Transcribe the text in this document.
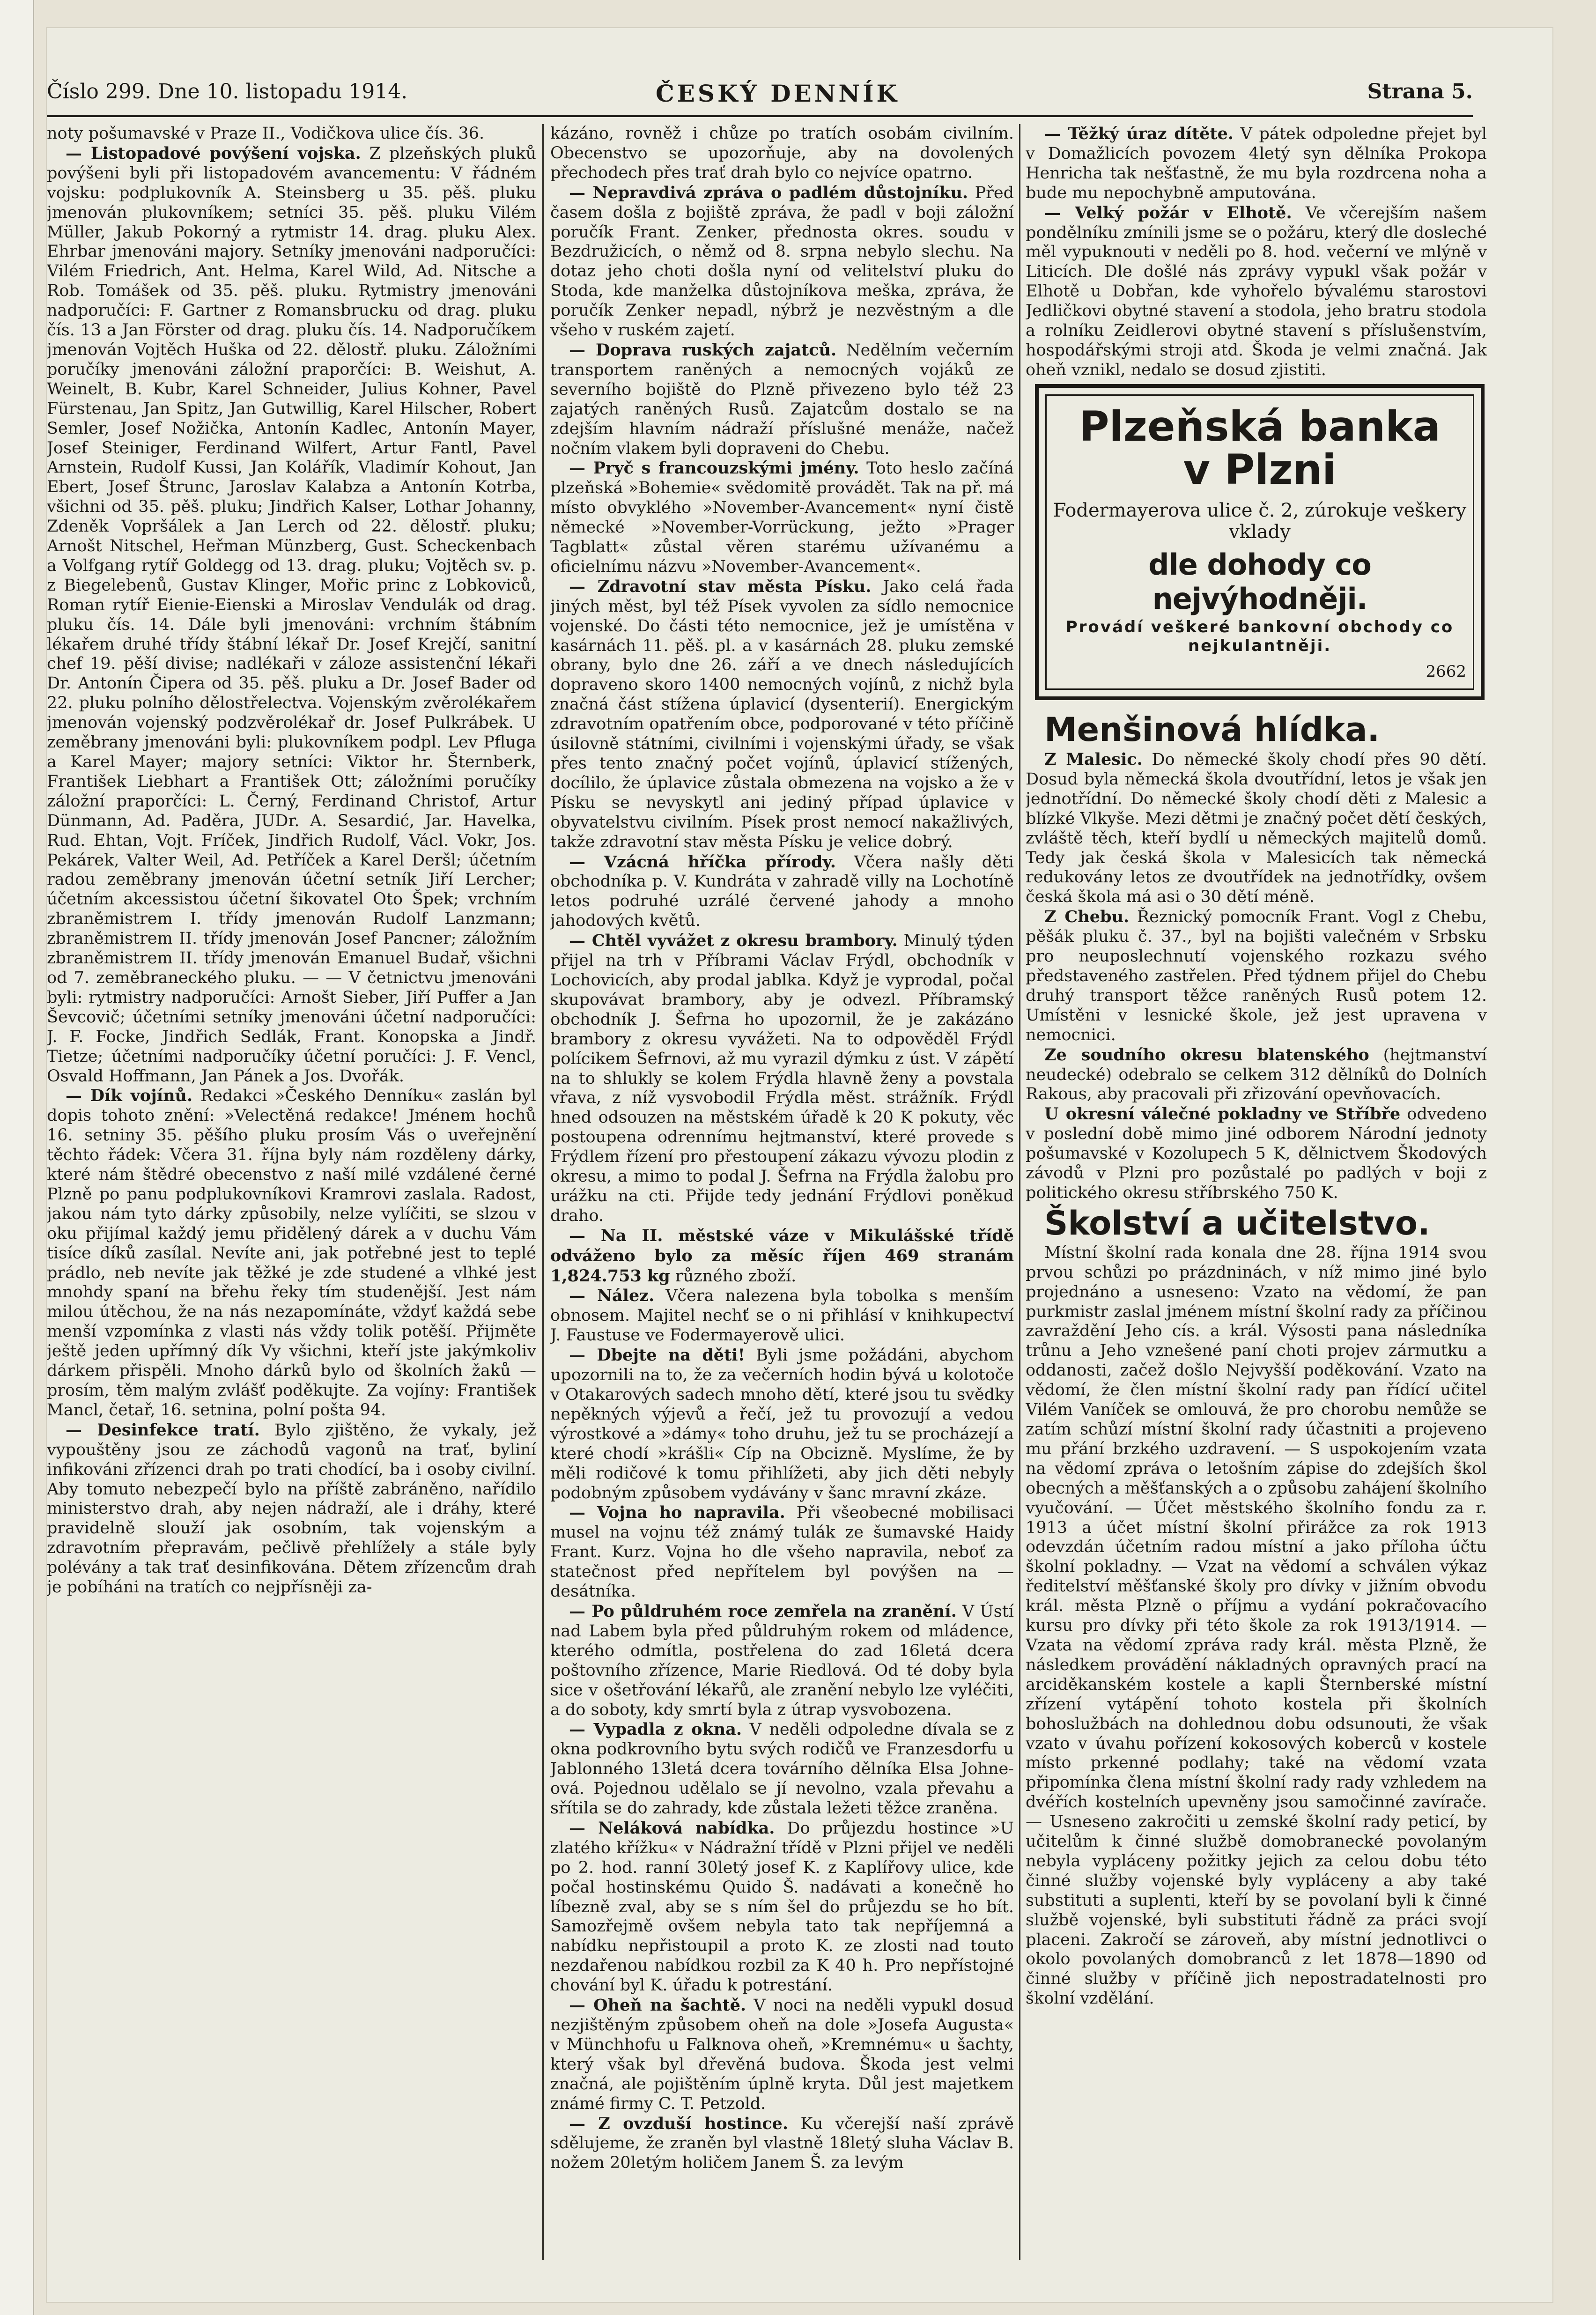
Číslo 299. Dne 10. listopadu 1914.	ČESKÝ DENNÍK	Strana 5.

noty pošumavské v Praze II., Vodičkova ulice čís. 36.

— Listopadové povýšení vojska. Z plzeňských pluků povýšeni byli při listopadovém avancementu: V řádném vojsku: podplukovník A. Steinsberg u 35. pěš. pluku jmenován plukovníkem; setníci 35. pěš. pluku Vilém Müller, Jakub Pokorný a rytmistr 14. drag. pluku Alex. Ehrbar jmenováni majory. Setníky jmenováni nadporučíci: Vilém Friedrich, Ant. Helma, Karel Wild, Ad. Nitsche a Rob. Tomášek od 35. pěš. pluku. Rytmistry jmenováni nadporučíci: F. Gartner z Romansbrucku od drag. pluku čís. 13 a Jan Förster od drag. pluku čís. 14. Nadporučíkem jmenován Vojtěch Huška od 22. dělostř. pluku. Záložními poručíky jmenováni záložní praporčíci: B. Weishut, A. Weinelt, B. Kubr, Karel Schneider, Julius Kohner, Pavel Fürstenau, Jan Spitz, Jan Gutwillig, Karel Hilscher, Robert Semler, Josef Nožička, Antonín Kadlec, Antonín Mayer, Josef Steiniger, Ferdinand Wilfert, Artur Fantl, Pavel Arnstein, Rudolf Kussi, Jan Kolářík, Vladimír Kohout, Jan Ebert, Josef Štrunc, Jaroslav Kalabza a Antonín Kotrba, všichni od 35. pěš. pluku; Jindřich Kalser, Lothar Johanny, Zdeněk Vopršálek a Jan Lerch od 22. dělostř. pluku; Arnošt Nitschel, Heřman Münzberg, Gust. Scheckenbach a Volfgang rytíř Goldegg od 13. drag. pluku; Vojtěch sv. p. z Biegelebenů, Gustav Klinger, Mořic princ z Lobkoviců, Roman rytíř Eienie-Eienski a Miroslav Vendulák od drag. pluku čís. 14. Dále byli jmenováni: vrchním štábním lékařem druhé třídy štábní lékař Dr. Josef Krejčí, sanitní chef 19. pěší divise; nadlékaři v záloze assistenční lékaři Dr. Antonín Čipera od 35. pěš. pluku a Dr. Josef Bader od 22. pluku polního dělostřelectva. Vojenským zvěrolékařem jmenován vojenský podzvěrolékař dr. Josef Pulkrábek. U zeměbrany jmenováni byli: plukovníkem podpl. Lev Pfluga a Karel Mayer; majory setníci: Viktor hr. Šternberk, František Liebhart a František Ott; záložními poručíky záložní praporčíci: L. Černý, Ferdinand Christof, Artur Dünmann, Ad. Paděra, JUDr. A. Sesardić, Jar. Havelka, Rud. Ehtan, Vojt. Fríček, Jindřich Rudolf, Václ. Vokr, Jos. Pekárek, Valter Weil, Ad. Petříček a Karel Deršl; účetním radou zeměbrany jmenován účetní setník Jiří Lercher; účetním akcessistou účetní šikovatel Oto Špek; vrchním zbraněmistrem I. třídy jmenován Rudolf Lanzmann; zbraněmistrem II. třídy jmenován Josef Pancner; záložním zbraněmistrem II. třídy jmenován Emanuel Budař, všichni od 7. zeměbraneckého pluku. — — V četnictvu jmenováni byli: rytmistry nadporučíci: Arnošt Sieber, Jiří Puffer a Jan Ševcovič; účetními setníky jmenováni účetní nadporučíci: J. F. Focke, Jindřich Sedlák, Frant. Konopska a Jindř. Tietze; účetními nadporučíky účetní poručíci: J. F. Vencl, Osvald Hoffmann, Jan Pánek a Jos. Dvořák.

— Dík vojínů. Redakci »Českého Denníku« zaslán byl dopis tohoto znění: »Velectěná redakce! Jménem hochů 16. setniny 35. pěšího pluku prosím Vás o uveřejnění těchto řádek: Včera 31. října byly nám rozděleny dárky, které nám štědré obecenstvo z naší milé vzdálené černé Plzně po panu podplukovníkovi Kramrovi zaslala. Radost, jakou nám tyto dárky způsobily, nelze vylíčiti, se slzou v oku přijímal každý jemu přidělený dárek a v duchu Vám tisíce díků zasílal. Nevíte ani, jak potřebné jest to teplé prádlo, neb nevíte jak těžké je zde studené a vlhké jest mnohdy spaní na břehu řeky tím studenější. Jest nám milou útěchou, že na nás nezapomínáte, vždyť každá sebe menší vzpomínka z vlasti nás vždy tolik potěší. Přijměte ještě jeden upřímný dík Vy všichni, kteří jste jakýmkoliv dárkem přispěli. Mnoho dárků bylo od školních žaků — prosím, těm malým zvlášť poděkujte. Za vojíny: František Mancl, četař, 16. setnina, polní pošta 94.

— Desinfekce tratí. Bylo zjištěno, že vykaly, jež vypouštěny jsou ze záchodů vagonů na trať, byliní infikováni zřízenci drah po trati chodící, ba i osoby civilní. Aby tomuto nebezpečí bylo na příště zabráněno, nařídilo ministerstvo drah, aby nejen nádraží, ale i dráhy, které pravidelně slouží jak osobním, tak vojenským a zdravotním přepravám, pečlivě přehlížely a stále byly polévány a tak trať desinfikována. Dětem zřízencům drah je pobíháni na tratích co nejpřísněji za-

kázáno, rovněž i chůze po tratích osobám civilním. Obecenstvo se upozorňuje, aby na dovolených přechodech přes trať drah bylo co nejvíce opatrno.

— Nepravdivá zpráva o padlém důstojníku. Před časem došla z bojiště zpráva, že padl v boji záložní poručík Frant. Zenker, přednosta okres. soudu v Bezdružicích, o němž od 8. srpna nebylo slechu. Na dotaz jeho choti došla nyní od velitelství pluku do Stoda, kde manželka důstojníkova meška, zpráva, že poručík Zenker nepadl, nýbrž je nezvěstným a dle všeho v ruském zajetí.

— Doprava ruských zajatců. Nedělním večerním transportem raněných a nemocných vojáků ze severního bojiště do Plzně přivezeno bylo též 23 zajatých raněných Rusů. Zajatcům dostalo se na zdejším hlavním nádraží příslušné menáže, načež nočním vlakem byli dopraveni do Chebu.

— Pryč s francouzskými jmény. Toto heslo začíná plzeňská »Bohemie« svědomitě provádět. Tak na př. má místo obvyklého »November-Avancement« nyní čistě německé »November-Vorrückung, ježto »Prager Tagblatt« zůstal věren starému užívanému a oficielnímu názvu »November-Avancement«.

— Zdravotní stav města Písku. Jako celá řada jiných měst, byl též Písek vyvolen za sídlo nemocnice vojenské. Do části této nemocnice, jež je umístěna v kasárnách 11. pěš. pl. a v kasárnách 28. pluku zemské obrany, bylo dne 26. září a ve dnech následujících dopraveno skoro 1400 nemocných vojínů, z nichž byla značná část stížena úplavicí (dysenterií). Energickým zdravotním opatřením obce, podporované v této příčině úsilovně státními, civilními i vojenskými úřady, se však přes tento značný počet vojínů, úplavicí stížených, docílilo, že úplavice zůstala obmezena na vojsko a že v Písku se nevyskytl ani jediný případ úplavice v obyvatelstvu civilním. Písek prost nemocí nakažlivých, takže zdravotní stav města Písku je velice dobrý.

— Vzácná hříčka přírody. Včera našly děti obchodníka p. V. Kundráta v zahradě villy na Lochotíně letos podruhé uzrálé červené jahody a mnoho jahodových květů.

— Chtěl vyvážet z okresu brambory. Minulý týden přijel na trh v Příbrami Václav Frýdl, obchodník v Lochovicích, aby prodal jablka. Když je vyprodal, počal skupovávat brambory, aby je odvezl. Příbramský obchodník J. Šefrna ho upozornil, že je zakázáno brambory z okresu vyvážeti. Na to odpověděl Frýdl polícikem Šefrnovi, až mu vyrazil dýmku z úst. V zápětí na to shlukly se kolem Frýdla hlavně ženy a povstala vřava, z níž vysvobodil Frýdla měst. strážník. Frýdl hned odsouzen na městském úřadě k 20 K pokuty, věc postoupena odrennímu hejtmanství, které provede s Frýdlem řízení pro přestoupení zákazu vývozu plodin z okresu, a mimo to podal J. Šefrna na Frýdla žalobu pro urážku na cti. Přijde tedy jednání Frýdlovi poněkud draho.

— Na II. městské váze v Mikulášské třídě odváženo bylo za měsíc říjen 469 stranám 1,824.753 kg různého zboží.

— Nález. Včera nalezena byla tobolka s menším obnosem. Majitel nechť se o ni přihlásí v knihkupectví J. Faustuse ve Fodermayerově ulici.

— Dbejte na děti! Byli jsme požádáni, abychom upozornili na to, že za večerních hodin bývá u kolotoče v Otakarových sadech mnoho dětí, které jsou tu svědky nepěkných výjevů a řečí, jež tu provozují a vedou výrostkové a »dámy« toho druhu, jež tu se procházejí a které chodí »krášli« Cíp na Obcizně. Myslíme, že by měli rodičové k tomu přihlížeti, aby jich děti nebyly podobným způsobem vydávány v šanc mravní zkáze.

— Vojna ho napravila. Při všeobecné mobilisaci musel na vojnu též známý tulák ze šumavské Haidy Frant. Kurz. Vojna ho dle všeho napravila, neboť za statečnost před nepřítelem byl povýšen na — desátníka.

— Po půldruhém roce zemřela na zranění. V Ústí nad Labem byla před půldruhým rokem od mládence, kterého odmítla, postřelena do zad 16letá dcera poštovního zřízence, Marie Riedlová. Od té doby byla sice v ošetřování lékařů, ale zranění nebylo lze vyléčiti, a do soboty, kdy smrtí byla z útrap vysvobozena.

— Vypadla z okna. V neděli odpoledne dívala se z okna podkrovního bytu svých rodičů ve Franzesdorfu u Jablonného 13letá dcera továrního dělníka Elsa Johne-ová. Pojednou udělalo se jí nevolno, vzala převahu a sřítila se do zahrady, kde zůstala ležeti těžce zraněna.

— Neláková nabídka. Do průjezdu hostince »U zlatého křížku« v Nádražní třídě v Plzni přijel ve neděli po 2. hod. ranní 30letý josef K. z Kaplířovy ulice, kde počal hostinskému Quido Š. nadávati a konečně ho líbezně zval, aby se s ním šel do průjezdu se ho bít. Samozřejmě ovšem nebyla tato tak nepříjemná a nabídku nepřistoupil a proto K. ze zlosti nad touto nezdařenou nabídkou rozbil za K 40 h. Pro nepřístojné chování byl K. úřadu k potrestání.

— Oheň na šachtě. V noci na neděli vypukl dosud nezjištěným způsobem oheň na dole »Josefa Augusta« v Münchhofu u Falknova oheň, »Kremnému« u šachty, který však byl dřevěná budova. Škoda jest velmi značná, ale pojištěním úplně kryta. Důl jest majetkem známé firmy C. T. Petzold.

— Z ovzduší hostince. Ku včerejší naší zprávě sdělujeme, že zraněn byl vlastně 18letý sluha Václav B. nožem 20letým holičem Janem Š. za levým

— Těžký úraz dítěte. V pátek odpoledne přejet byl v Domažlicích povozem 4letý syn dělníka Prokopa Henricha tak nešťastně, že mu byla rozdrcena noha a bude mu nepochybně amputována.

— Velký požár v Elhotě. Ve včerejším našem pondělníku zmínili jsme se o požáru, který dle dosleché měl vypuknouti v neděli po 8. hod. večerní ve mlýně v Liticích. Dle došlé nás zprávy vypukl však požár v Elhotě u Dobřan, kde vyhořelo bývalému starostovi Jedličkovi obytné stavení a stodola, jeho bratru stodola a rolníku Zeidlerovi obytné stavení s příslušenstvím, hospodářskými stroji atd. Škoda je velmi značná. Jak oheň vznikl, nedalo se dosud zjistiti.

Menšinová hlídka.

Z Malesic. Do německé školy chodí přes 90 dětí. Dosud byla německá škola dvoutřídní, letos je však jen jednotřídní. Do německé školy chodí děti z Malesic a blízké Vlkyše. Mezi dětmi je značný počet dětí českých, zvláště těch, kteří bydlí u německých majitelů domů. Tedy jak česká škola v Malesicích tak německá redukovány letos ze dvoutřídek na jednotřídky, ovšem česká škola má asi o 30 dětí méně.

Z Chebu. Řeznický pomocník Frant. Vogl z Chebu, pěšák pluku č. 37., byl na bojišti valečném v Srbsku pro neuposlechnutí vojenského rozkazu svého představeného zastřelen. Před týdnem přijel do Chebu druhý transport těžce raněných Rusů potem 12. Umístěni v lesnické škole, jež jest upravena v nemocnici.

Ze soudního okresu blatenského (hejtmanství neudecké) odebralo se celkem 312 dělníků do Dolních Rakous, aby pracovali při zřizování opevňovacích.

U okresní válečné pokladny ve Stříbře odvedeno v poslední době mimo jiné odborem Národní jednoty pošumavské v Kozolupech 5 K, dělnictvem Škodových závodů v Plzni pro pozůstalé po padlých v boji z politického okresu stříbrského 750 K.

Školství a učitelstvo.

Místní školní rada konala dne 28. října 1914 svou prvou schůzi po prázdninách, v níž mimo jiné bylo projednáno a usneseno: Vzato na vědomí, že pan purkmistr zaslal jménem místní školní rady za příčinou zavraždění Jeho cís. a král. Výsosti pana následníka trůnu a Jeho vznešené paní choti projev zármutku a oddanosti, začež došlo Nejvyšší poděkování. Vzato na vědomí, že člen místní školní rady pan řídící učitel Vilém Vaníček se omlouvá, že pro chorobu nemůže se zatím schůzí místní školní rady účastniti a projeveno mu přání brzkého uzdravení. — S uspokojením vzata na vědomí zpráva o letošním zápise do zdejších škol obecných a měšťanských a o způsobu zahájení školního vyučování. — Účet městského školního fondu za r. 1913 a účet místní školní přirážce za rok 1913 odevzdán účetním radou místní a jako příloha účtu školní pokladny. — Vzat na vědomí a schválen výkaz ředitelství měšťanské školy pro dívky v jižním obvodu král. města Plzně o příjmu a vydání pokračovacího kursu pro dívky při této škole za rok 1913/1914. — Vzata na vědomí zpráva rady král. města Plzně, že následkem provádění nákladných opravných prací na arciděkanském kostele a kapli Šternberské místní zřízení vytápění tohoto kostela při školních bohoslužbách na dohlednou dobu odsunouti, že však vzato v úvahu pořízení kokosových koberců v kostele místo prkenné podlahy; také na vědomí vzata připomínka člena místní školní rady rady vzhledem na dvéřích kostelních upevněny jsou samočinné zavírače. — Usneseno zakročiti u zemské školní rady peticí, by učitelům k činné službě domobranecké povolaným nebyla vypláceny požitky jejich za celou dobu této činné služby vojenské byly vypláceny a aby také substituti a suplenti, kteří by se povolaní byli k činné službě vojenské, byli substituti řádně za práci svojí placeni. Zakročí se zároveň, aby místní jednotlivci o okolo povolaných domobranců z let 1878—1890 od činné služby v příčině jich nepostradatelnosti pro školní vzdělání.

Plzeňská banka
v Plzni
Fodermayerova ulice č. 2, zúrokuje veškery vklady
dle dohody co nejvýhodněji.
Provádí veškeré bankovní obchody co nejkulantněji.
2662
